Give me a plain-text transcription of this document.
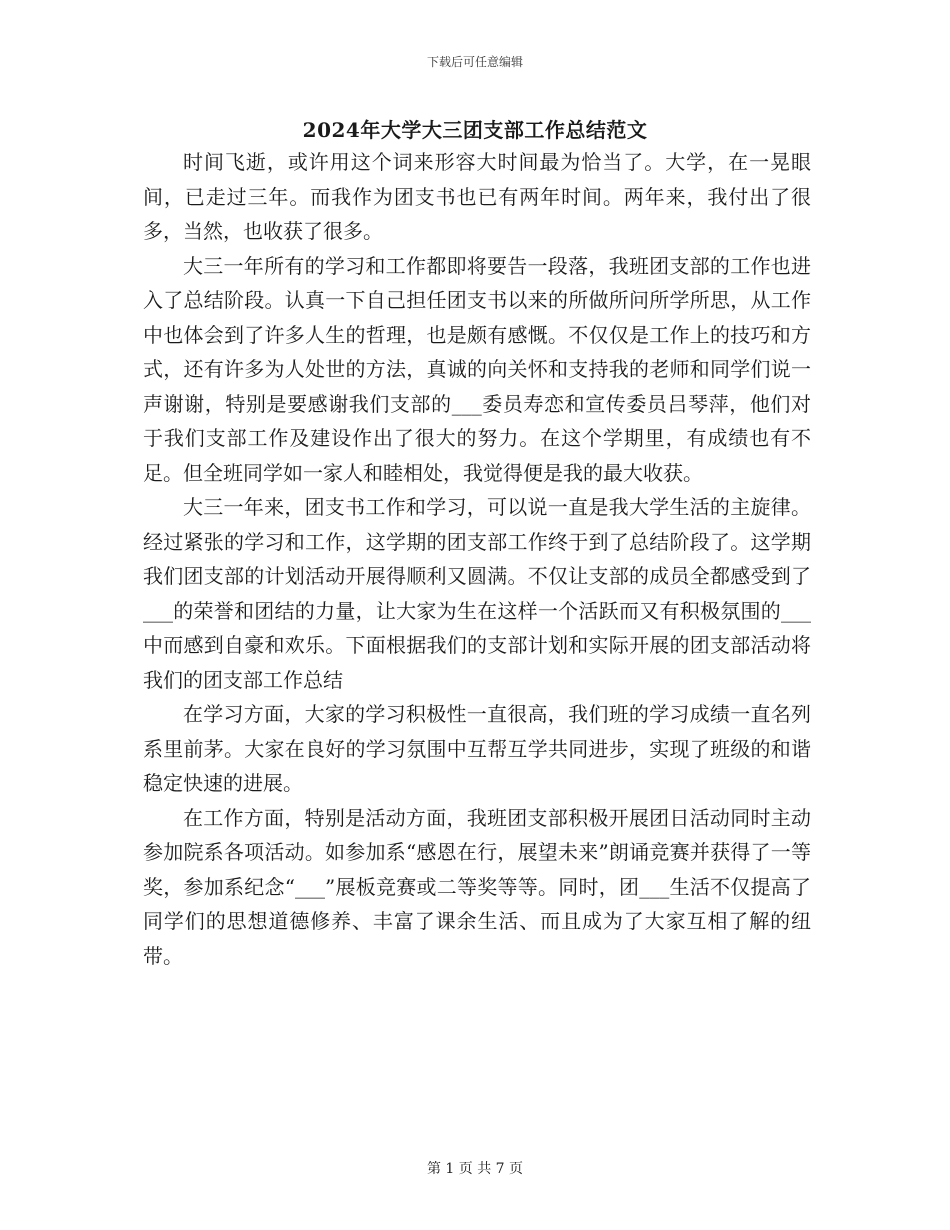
下载后可任意编辑
2024年大学大三团支部工作总结范文

时间飞逝，或许用这个词来形容大时间最为恰当了。大学，在一晃眼间，已走过三年。而我作为团支书也已有两年时间。两年来，我付出了很多，当然，也收获了很多。

大三一年所有的学习和工作都即将要告一段落，我班团支部的工作也进入了总结阶段。认真一下自己担任团支书以来的所做所问所学所思，从工作中也体会到了许多人生的哲理，也是颇有感慨。不仅仅是工作上的技巧和方式，还有许多为人处世的方法，真诚的向关怀和支持我的老师和同学们说一声谢谢，特别是要感谢我们支部的___委员寿恋和宣传委员吕琴萍，他们对于我们支部工作及建设作出了很大的努力。在这个学期里，有成绩也有不足。但全班同学如一家人和睦相处，我觉得便是我的最大收获。

大三一年来，团支书工作和学习，可以说一直是我大学生活的主旋律。经过紧张的学习和工作，这学期的团支部工作终于到了总结阶段了。这学期我们团支部的计划活动开展得顺利又圆满。不仅让支部的成员全都感受到了___的荣誉和团结的力量，让大家为生在这样一个活跃而又有积极氛围的___中而感到自豪和欢乐。下面根据我们的支部计划和实际开展的团支部活动将我们的团支部工作总结

在学习方面，大家的学习积极性一直很高，我们班的学习成绩一直名列系里前茅。大家在良好的学习氛围中互帮互学共同进步，实现了班级的和谐稳定快速的进展。

在工作方面，特别是活动方面，我班团支部积极开展团日活动同时主动参加院系各项活动。如参加系“感恩在行，展望未来”朗诵竞赛并获得了一等奖，参加系纪念“___”展板竞赛或二等奖等等。同时，团___生活不仅提高了同学们的思想道德修养、丰富了课余生活、而且成为了大家互相了解的纽带。

第 1 页 共 7 页
